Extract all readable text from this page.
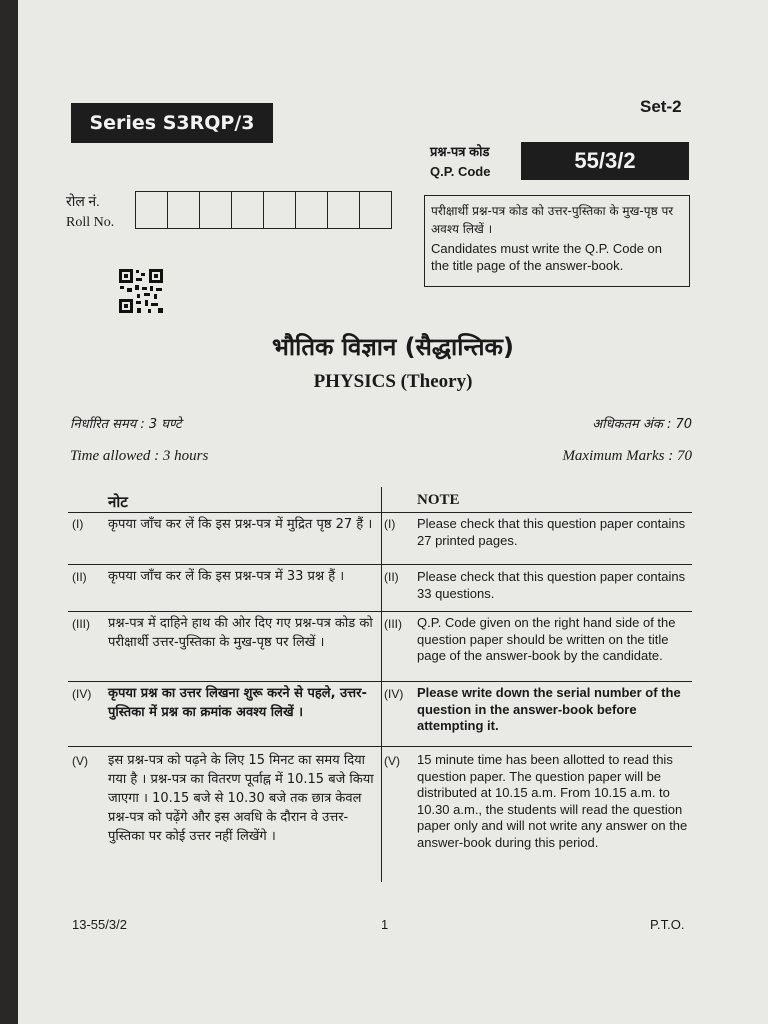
Series S3RQP/3
Set-2
प्रश्न-पत्र कोड
Q.P. Code	55/3/2
रोल नं.
Roll No.
परीक्षार्थी प्रश्न-पत्र कोड को उत्तर-पुस्तिका के मुख-पृष्ठ पर अवश्य लिखें ।
Candidates must write the Q.P. Code on the title page of the answer-book.
भौतिक विज्ञान (सैद्धान्तिक)
PHYSICS (Theory)
निर्धारित समय : 3 घण्टे	अधिकतम अंक : 70
Time allowed : 3 hours	Maximum Marks : 70
नोट	NOTE
(I) कृपया जाँच कर लें कि इस प्रश्न-पत्र में मुद्रित पृष्ठ 27 हैं । (I) Please check that this question paper contains 27 printed pages.
(II) कृपया जाँच कर लें कि इस प्रश्न-पत्र में 33 प्रश्न हैं ।	(II) Please check that this question paper contains 33 questions.
(III) प्रश्न-पत्र में दाहिने हाथ की ओर दिए गए प्रश्न-पत्र कोड को परीक्षार्थी उत्तर-पुस्तिका के मुख-पृष्ठ पर लिखें ।
(III) Q.P. Code given on the right hand side of the question paper should be written on the title page of the answer-book by the candidate.
(IV) कृपया प्रश्न का उत्तर लिखना शुरू करने से पहले, उत्तर-पुस्तिका में प्रश्न का क्रमांक अवश्य लिखें ।
(IV) Please write down the serial number of the question in the answer-book before attempting it.
(V) इस प्रश्न-पत्र को पढ़ने के लिए 15 मिनट का समय दिया गया है । प्रश्न-पत्र का वितरण पूर्वाह्न में 10.15 बजे किया जाएगा । 10.15 बजे से 10.30 बजे तक छात्र केवल प्रश्न-पत्र को पढ़ेंगे और इस अवधि के दौरान वे उत्तर-पुस्तिका पर कोई उत्तर नहीं लिखेंगे ।
(V) 15 minute time has been allotted to read this question paper. The question paper will be distributed at 10.15 a.m. From 10.15 a.m. to 10.30 a.m., the students will read the question paper only and will not write any answer on the answer-book during this period.
13-55/3/2	1	P.T.O.
